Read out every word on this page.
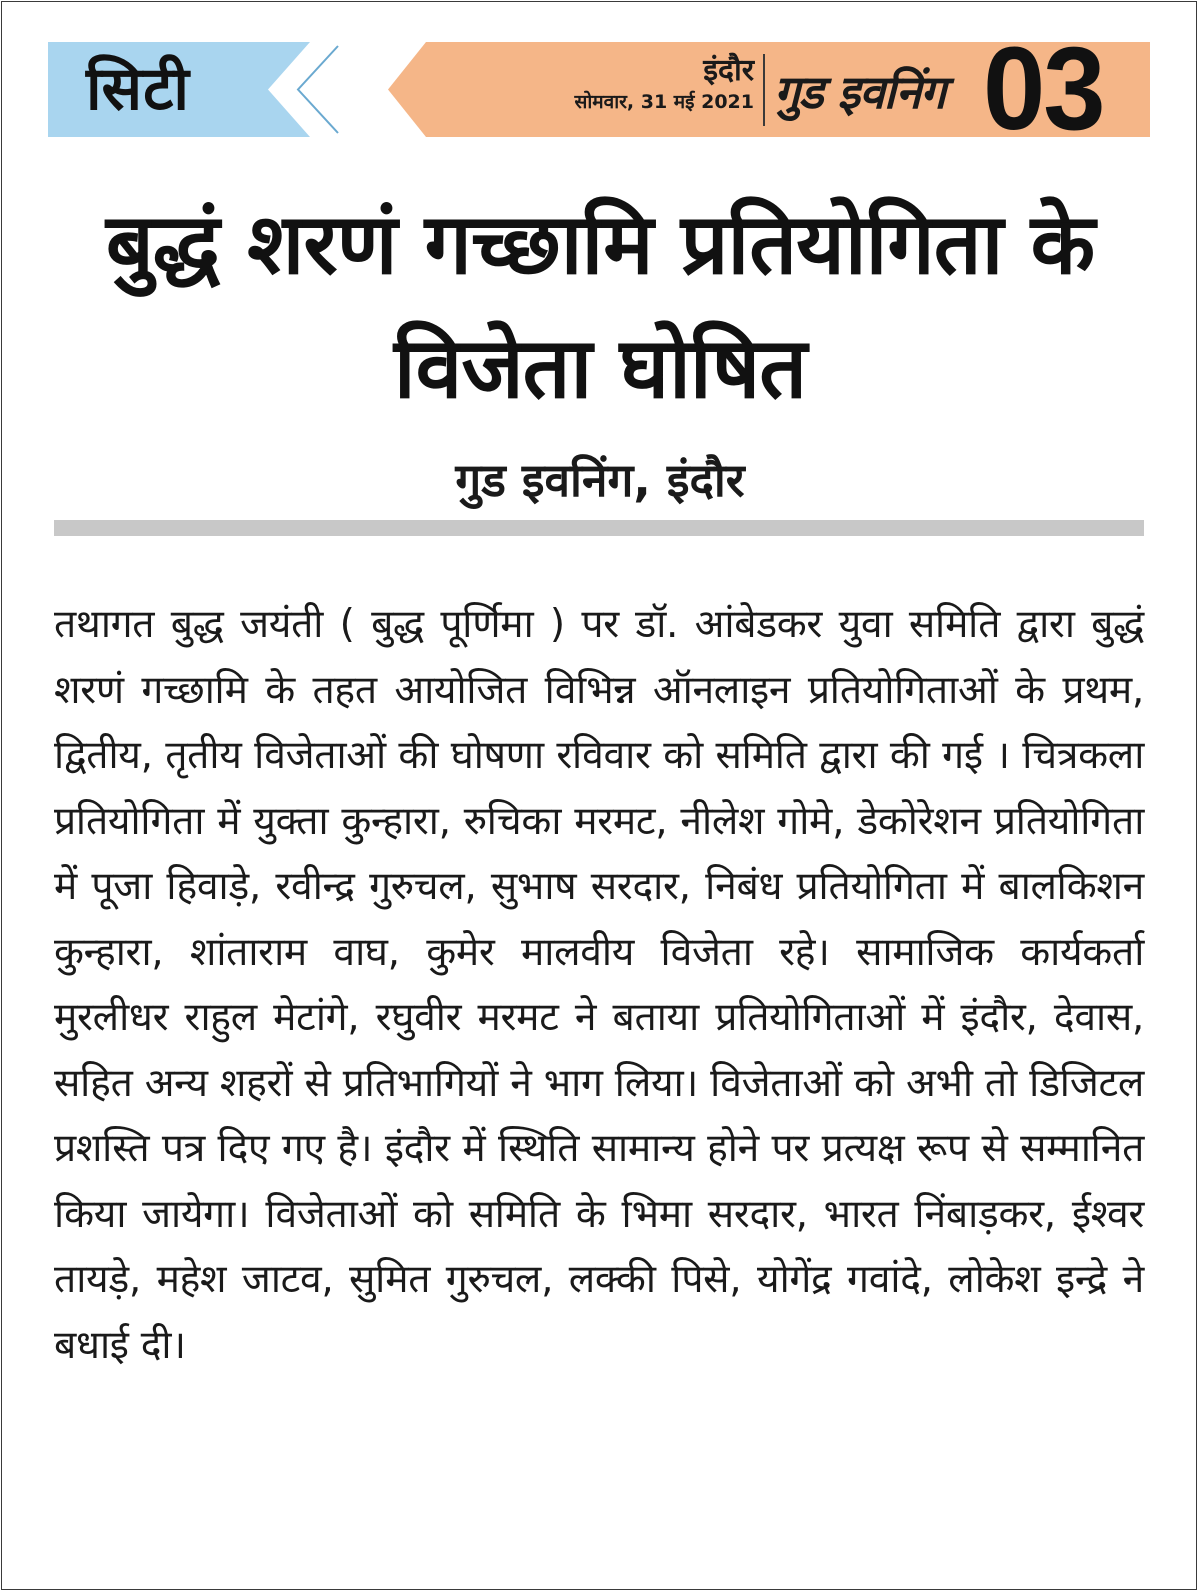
सिटी	इंदौर
सोमवार, 31 मई 2021 गुड इवनिंग 03
बुद्धं शरणं गच्छामि प्रतियोगिता के विजेता घोषित
गुड इवनिंग, इंदौर

तथागत बुद्ध जयंती ( बुद्ध पूर्णिमा ) पर डॉ. आंबेडकर युवा समिति द्वारा बुद्धं शरणं गच्छामि के तहत आयोजित विभिन्न ऑनलाइन प्रतियोगिताओं के प्रथम, द्वितीय, तृतीय विजेताओं की घोषणा रविवार को समिति द्वारा की गई । चित्रकला प्रतियोगिता में युक्ता कुन्हारा, रुचिका मरमट, नीलेश गोमे, डेकोरेशन प्रतियोगिता में पूजा हिवाड़े, रवीन्द्र गुरुचल, सुभाष सरदार, निबंध प्रतियोगिता में बालकिशन कुन्हारा, शांताराम वाघ, कुमेर मालवीय विजेता रहे। सामाजिक कार्यकर्ता मुरलीधर राहुल मेटांगे, रघुवीर मरमट ने बताया प्रतियोगिताओं में इंदौर, देवास, सहित अन्य शहरों से प्रतिभागियों ने भाग लिया। विजेताओं को अभी तो डिजिटल प्रशस्ति पत्र दिए गए है। इंदौर में स्थिति सामान्य होने पर प्रत्यक्ष रूप से सम्मानित किया जायेगा। विजेताओं को समिति के भिमा सरदार, भारत निंबाड़कर, ईश्वर तायड़े, महेश जाटव, सुमित गुरुचल, लक्की पिसे, योगेंद्र गवांदे, लोकेश इन्द्रे ने बधाई दी।
